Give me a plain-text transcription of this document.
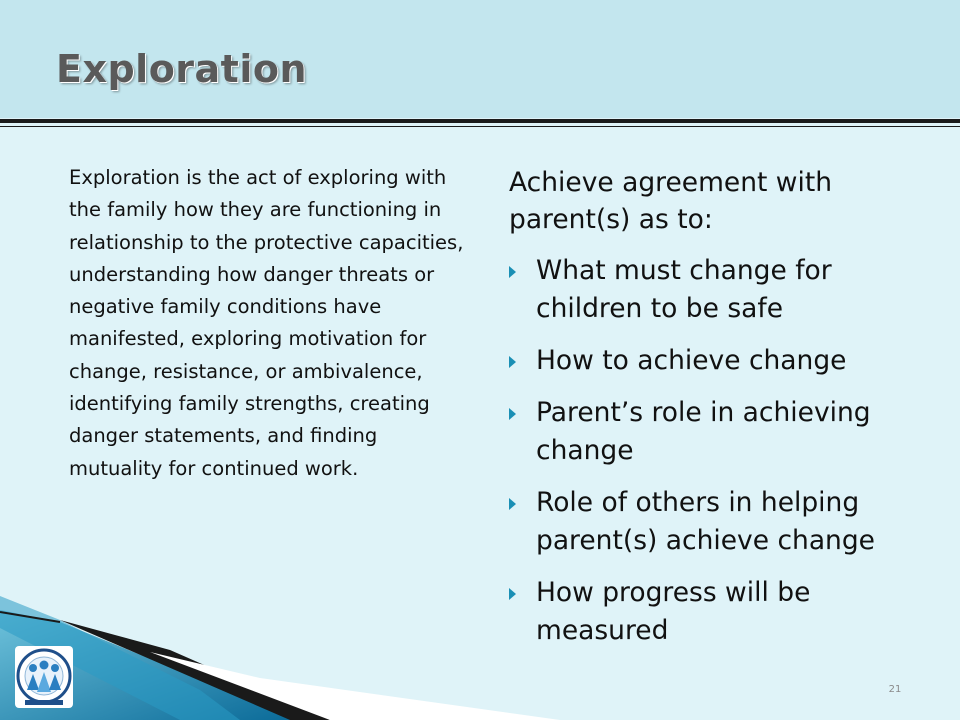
Exploration

Exploration is the act of exploring with the family how they are functioning in relationship to the protective capacities, understanding how danger threats or negative family conditions have manifested, exploring motivation for change, resistance, or ambivalence, identifying family strengths, creating danger statements, and finding mutuality for continued work.

Achieve agreement with parent(s) as to:

What must change for children to be safe
How to achieve change
Parent’s role in achieving change
Role of others in helping parent(s) achieve change
How progress will be measured
21
